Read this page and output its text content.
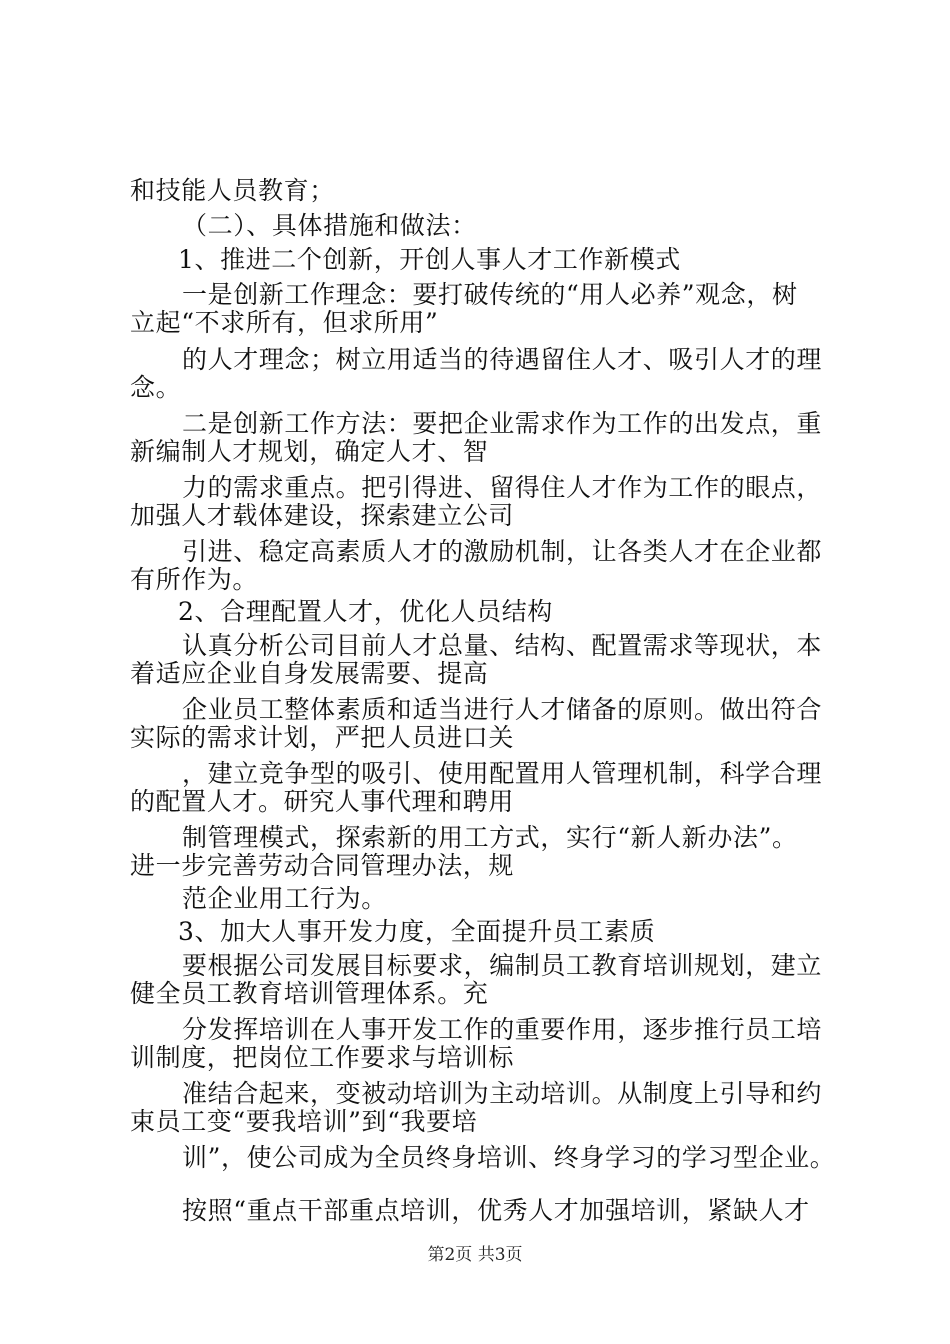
和技能人员教育；
（二）、具体措施和做法：
1、推进二个创新，开创人事人才工作新模式
一是创新工作理念：要打破传统的“用人必养”观念，树
立起“不求所有，但求所用”
的人才理念；树立用适当的待遇留住人才、吸引人才的理
念。
二是创新工作方法：要把企业需求作为工作的出发点，重
新编制人才规划，确定人才、智
力的需求重点。把引得进、留得住人才作为工作的眼点，
加强人才载体建设，探索建立公司
引进、稳定高素质人才的激励机制，让各类人才在企业都
有所作为。
2、合理配置人才，优化人员结构
认真分析公司目前人才总量、结构、配置需求等现状，本
着适应企业自身发展需要、提高
企业员工整体素质和适当进行人才储备的原则。做出符合
实际的需求计划，严把人员进口关
，建立竞争型的吸引、使用配置用人管理机制，科学合理
的配置人才。研究人事代理和聘用
制管理模式，探索新的用工方式，实行“新人新办法”。
进一步完善劳动合同管理办法，规
范企业用工行为。
3、加大人事开发力度，全面提升员工素质
要根据公司发展目标要求，编制员工教育培训规划，建立
健全员工教育培训管理体系。充
分发挥培训在人事开发工作的重要作用，逐步推行员工培
训制度，把岗位工作要求与培训标
准结合起来，变被动培训为主动培训。从制度上引导和约
束员工变“要我培训”到“我要培
训”，使公司成为全员终身培训、终身学习的学习型企业。
按照“重点干部重点培训，优秀人才加强培训，紧缺人才
第2页 共3页
